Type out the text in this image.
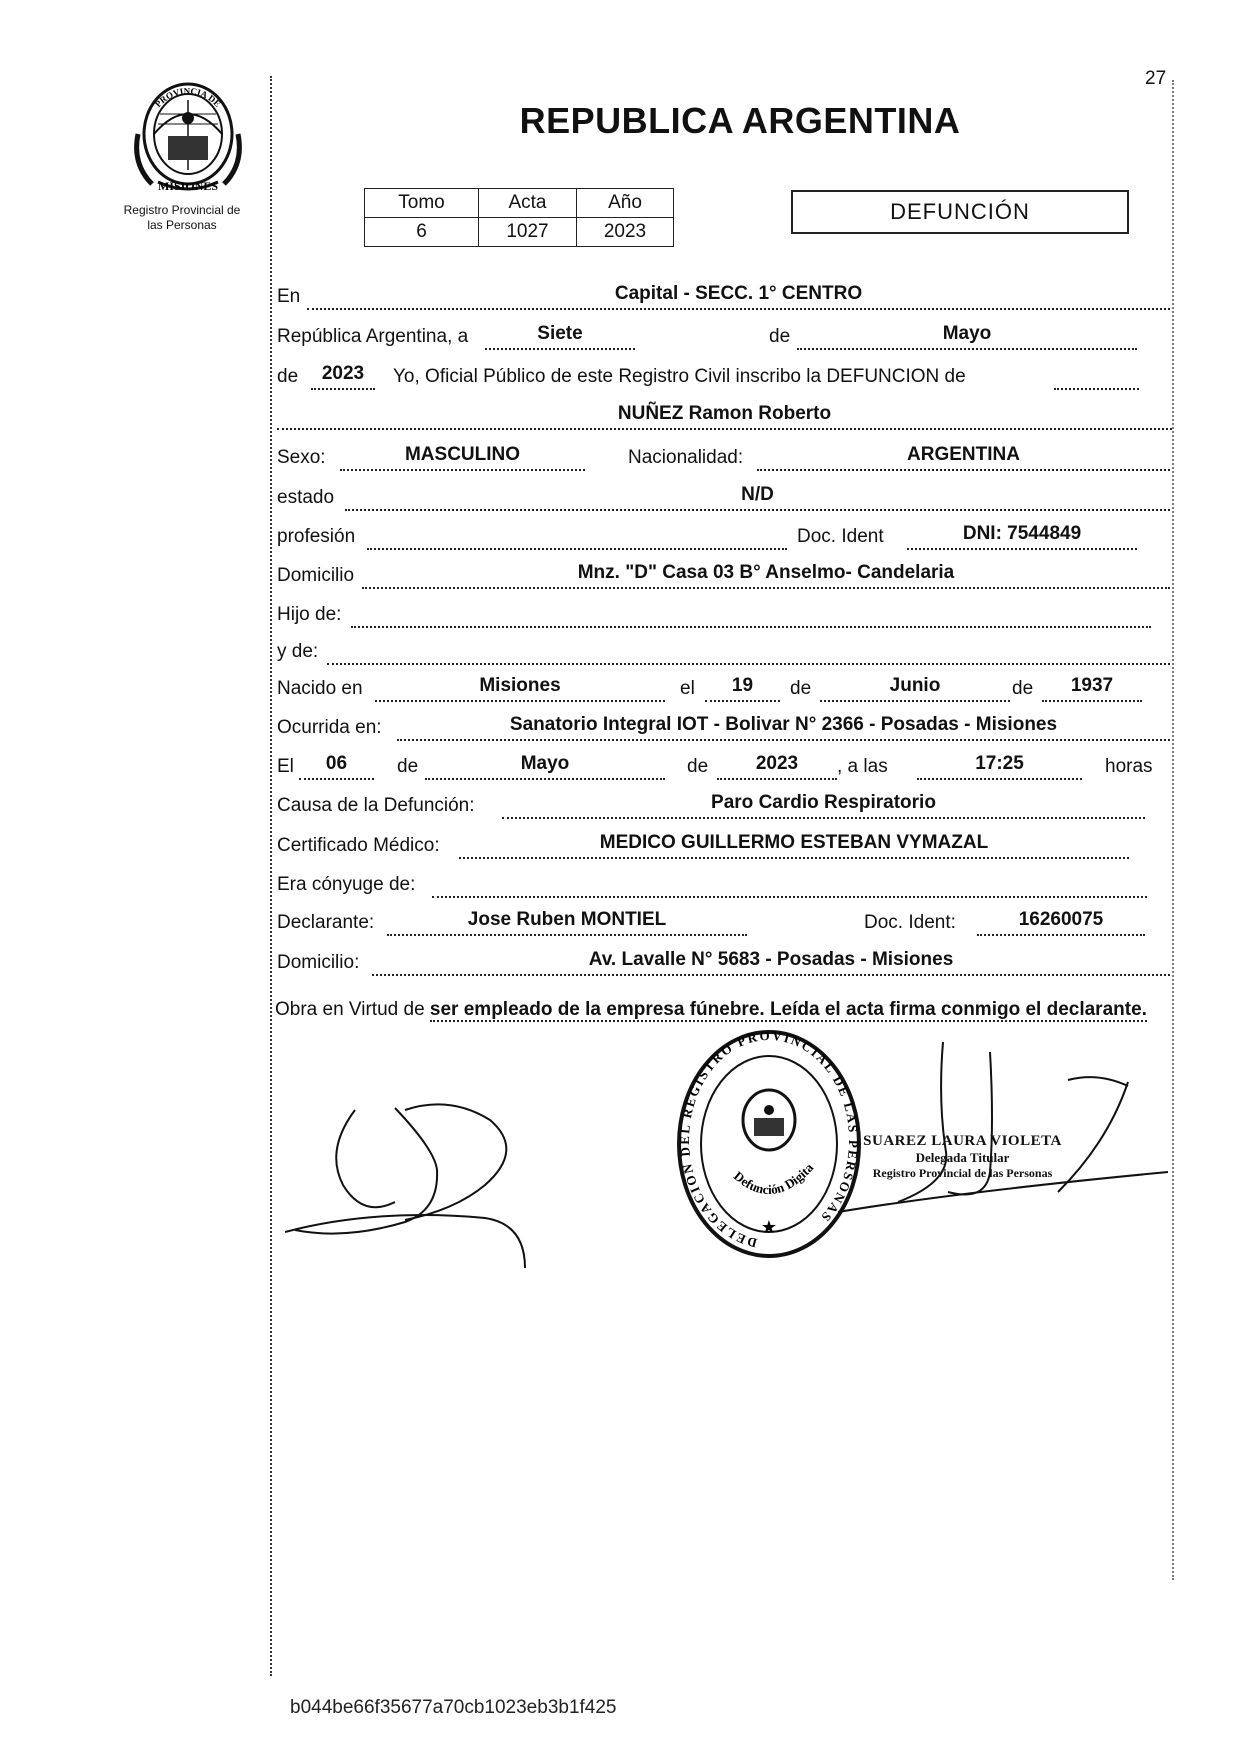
27
PROVINCIA DE
MISIONES
Registro Provincial de
las Personas
REPUBLICA ARGENTINA
Tomo	Acta	Año
6	1027	2023
DEFUNCIÓN
En	Capital - SECC. 1° CENTRO
República Argentina, a	Siete	de	Mayo
de	2023	Yo, Oficial Público de este Registro Civil inscribo la DEFUNCION de
NUÑEZ Ramon Roberto
Sexo:	MASCULINO	Nacionalidad:	ARGENTINA
estado	N/D
profesión	Doc. Ident	DNI: 7544849
Domicilio	Mnz. "D" Casa 03 B° Anselmo- Candelaria
Hijo de:
y de:
Nacido en	Misiones	el	19	de	Junio	de	1937
Ocurrida en:	Sanatorio Integral IOT - Bolivar N° 2366 - Posadas - Misiones
El	06	de	Mayo	de	2023	, a las	17:25	horas
Causa de la Defunción:	Paro Cardio Respiratorio
Certificado Médico:	MEDICO GUILLERMO ESTEBAN VYMAZAL
Era cónyuge de:
Declarante:	Jose Ruben MONTIEL	Doc. Ident:	16260075
Domicilio:	Av. Lavalle N° 5683 - Posadas - Misiones
Obra en Virtud de ser empleado de la empresa fúnebre. Leída el acta firma conmigo el declarante.
DELEGACION DEL REGISTRO PROVINCIAL DE LAS PERSONAS
Defunción Digita
★
SUAREZ LAURA VIOLETA
Delegada Titular
Registro Provincial de las Personas
b044be66f35677a70cb1023eb3b1f425
